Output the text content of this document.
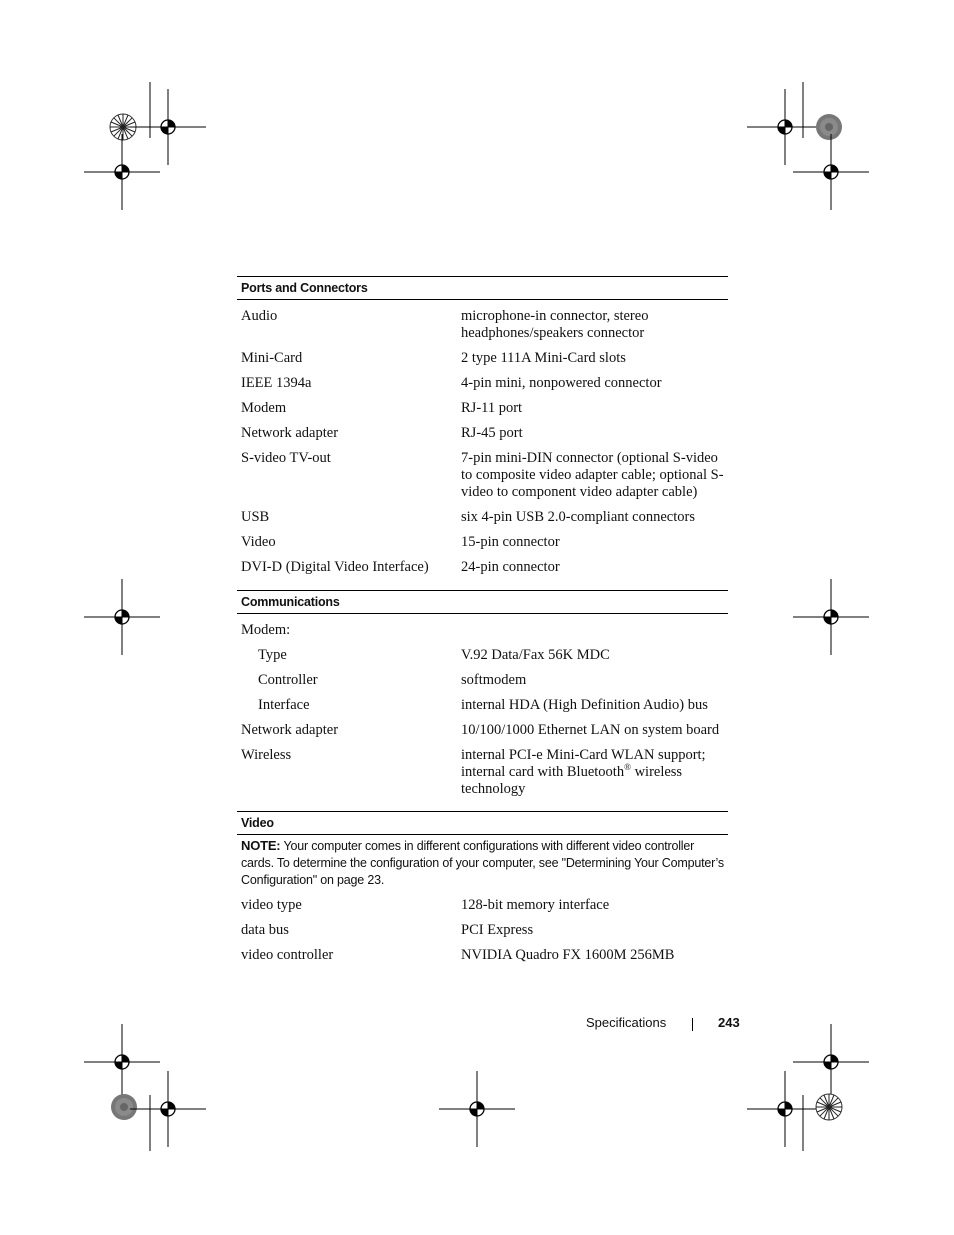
Ports and Connectors
Audio	microphone-in connector, stereo headphones/speakers connector
Mini-Card	2 type 111A Mini-Card slots
IEEE 1394a	4-pin mini, nonpowered connector
Modem	RJ-11 port
Network adapter	RJ-45 port
S-video TV-out	7-pin mini-DIN connector (optional S-video to composite video adapter cable; optional S-video to component video adapter cable)
USB	six 4-pin USB 2.0-compliant connectors
Video	15-pin connector
DVI-D (Digital Video Interface)	24-pin connector
Communications
Modem:
Type	V.92 Data/Fax 56K MDC
Controller	softmodem
Interface	internal HDA (High Definition Audio) bus
Network adapter	10/100/1000 Ethernet LAN on system board
Wireless	internal PCI-e Mini-Card WLAN support; internal card with Bluetooth® wireless technology
Video
NOTE: Your computer comes in different configurations with different video controller cards. To determine the configuration of your computer, see "Determining Your Computer’s Configuration" on page 23.
video type	128-bit memory interface
data bus	PCI Express
video controller	NVIDIA Quadro FX 1600M 256MB
Specifications	243
